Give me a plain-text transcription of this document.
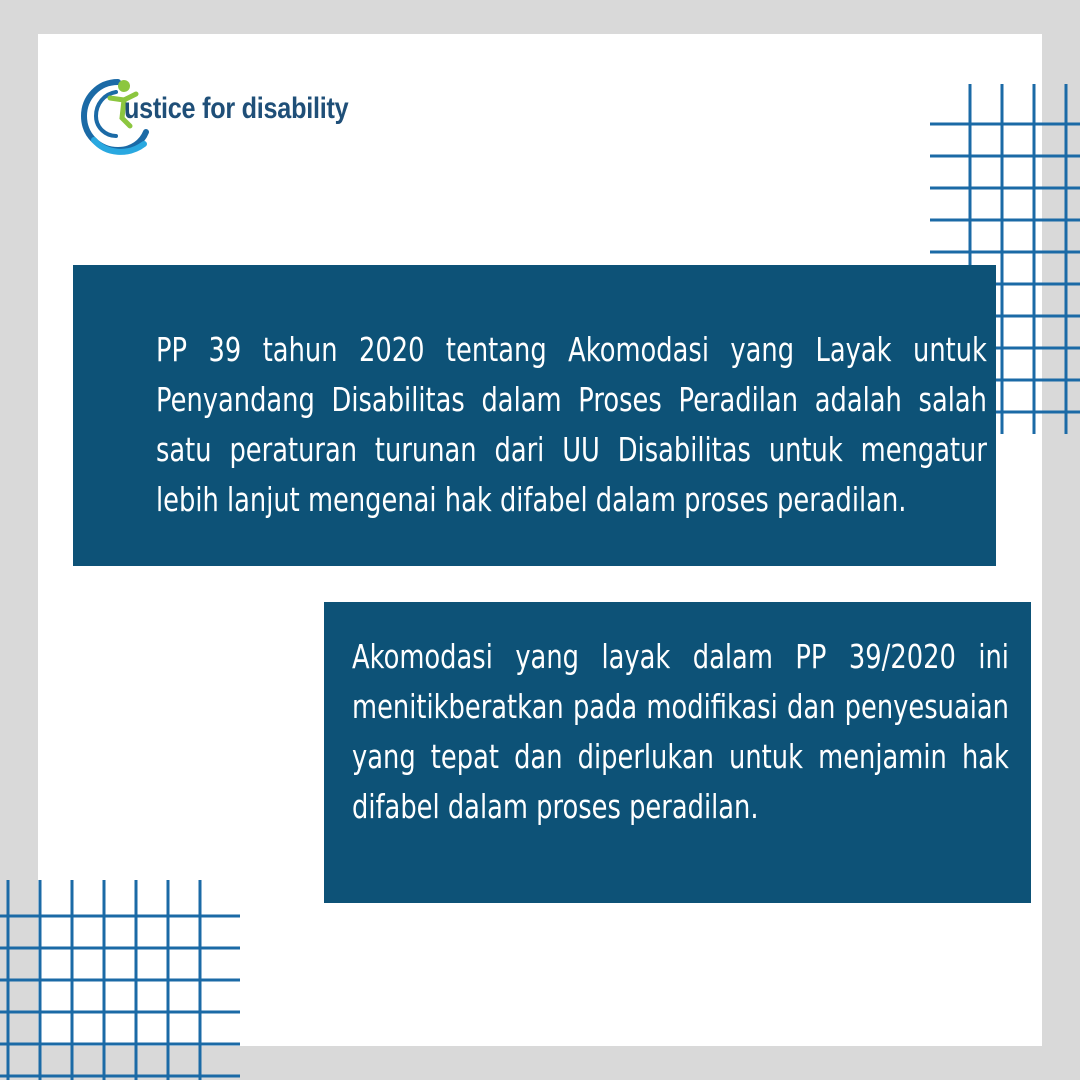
ustice for disability

PP 39 tahun 2020 tentang Akomodasi yang Layak untuk Penyandang Disabilitas dalam Proses Peradilan adalah salah satu peraturan turunan dari UU Disabilitas untuk mengatur lebih lanjut mengenai hak difabel dalam proses peradilan.

Akomodasi yang layak dalam PP 39/2020 ini menitikberatkan pada modifikasi dan penyesuaian yang tepat dan diperlukan untuk menjamin hak difabel dalam proses peradilan.
